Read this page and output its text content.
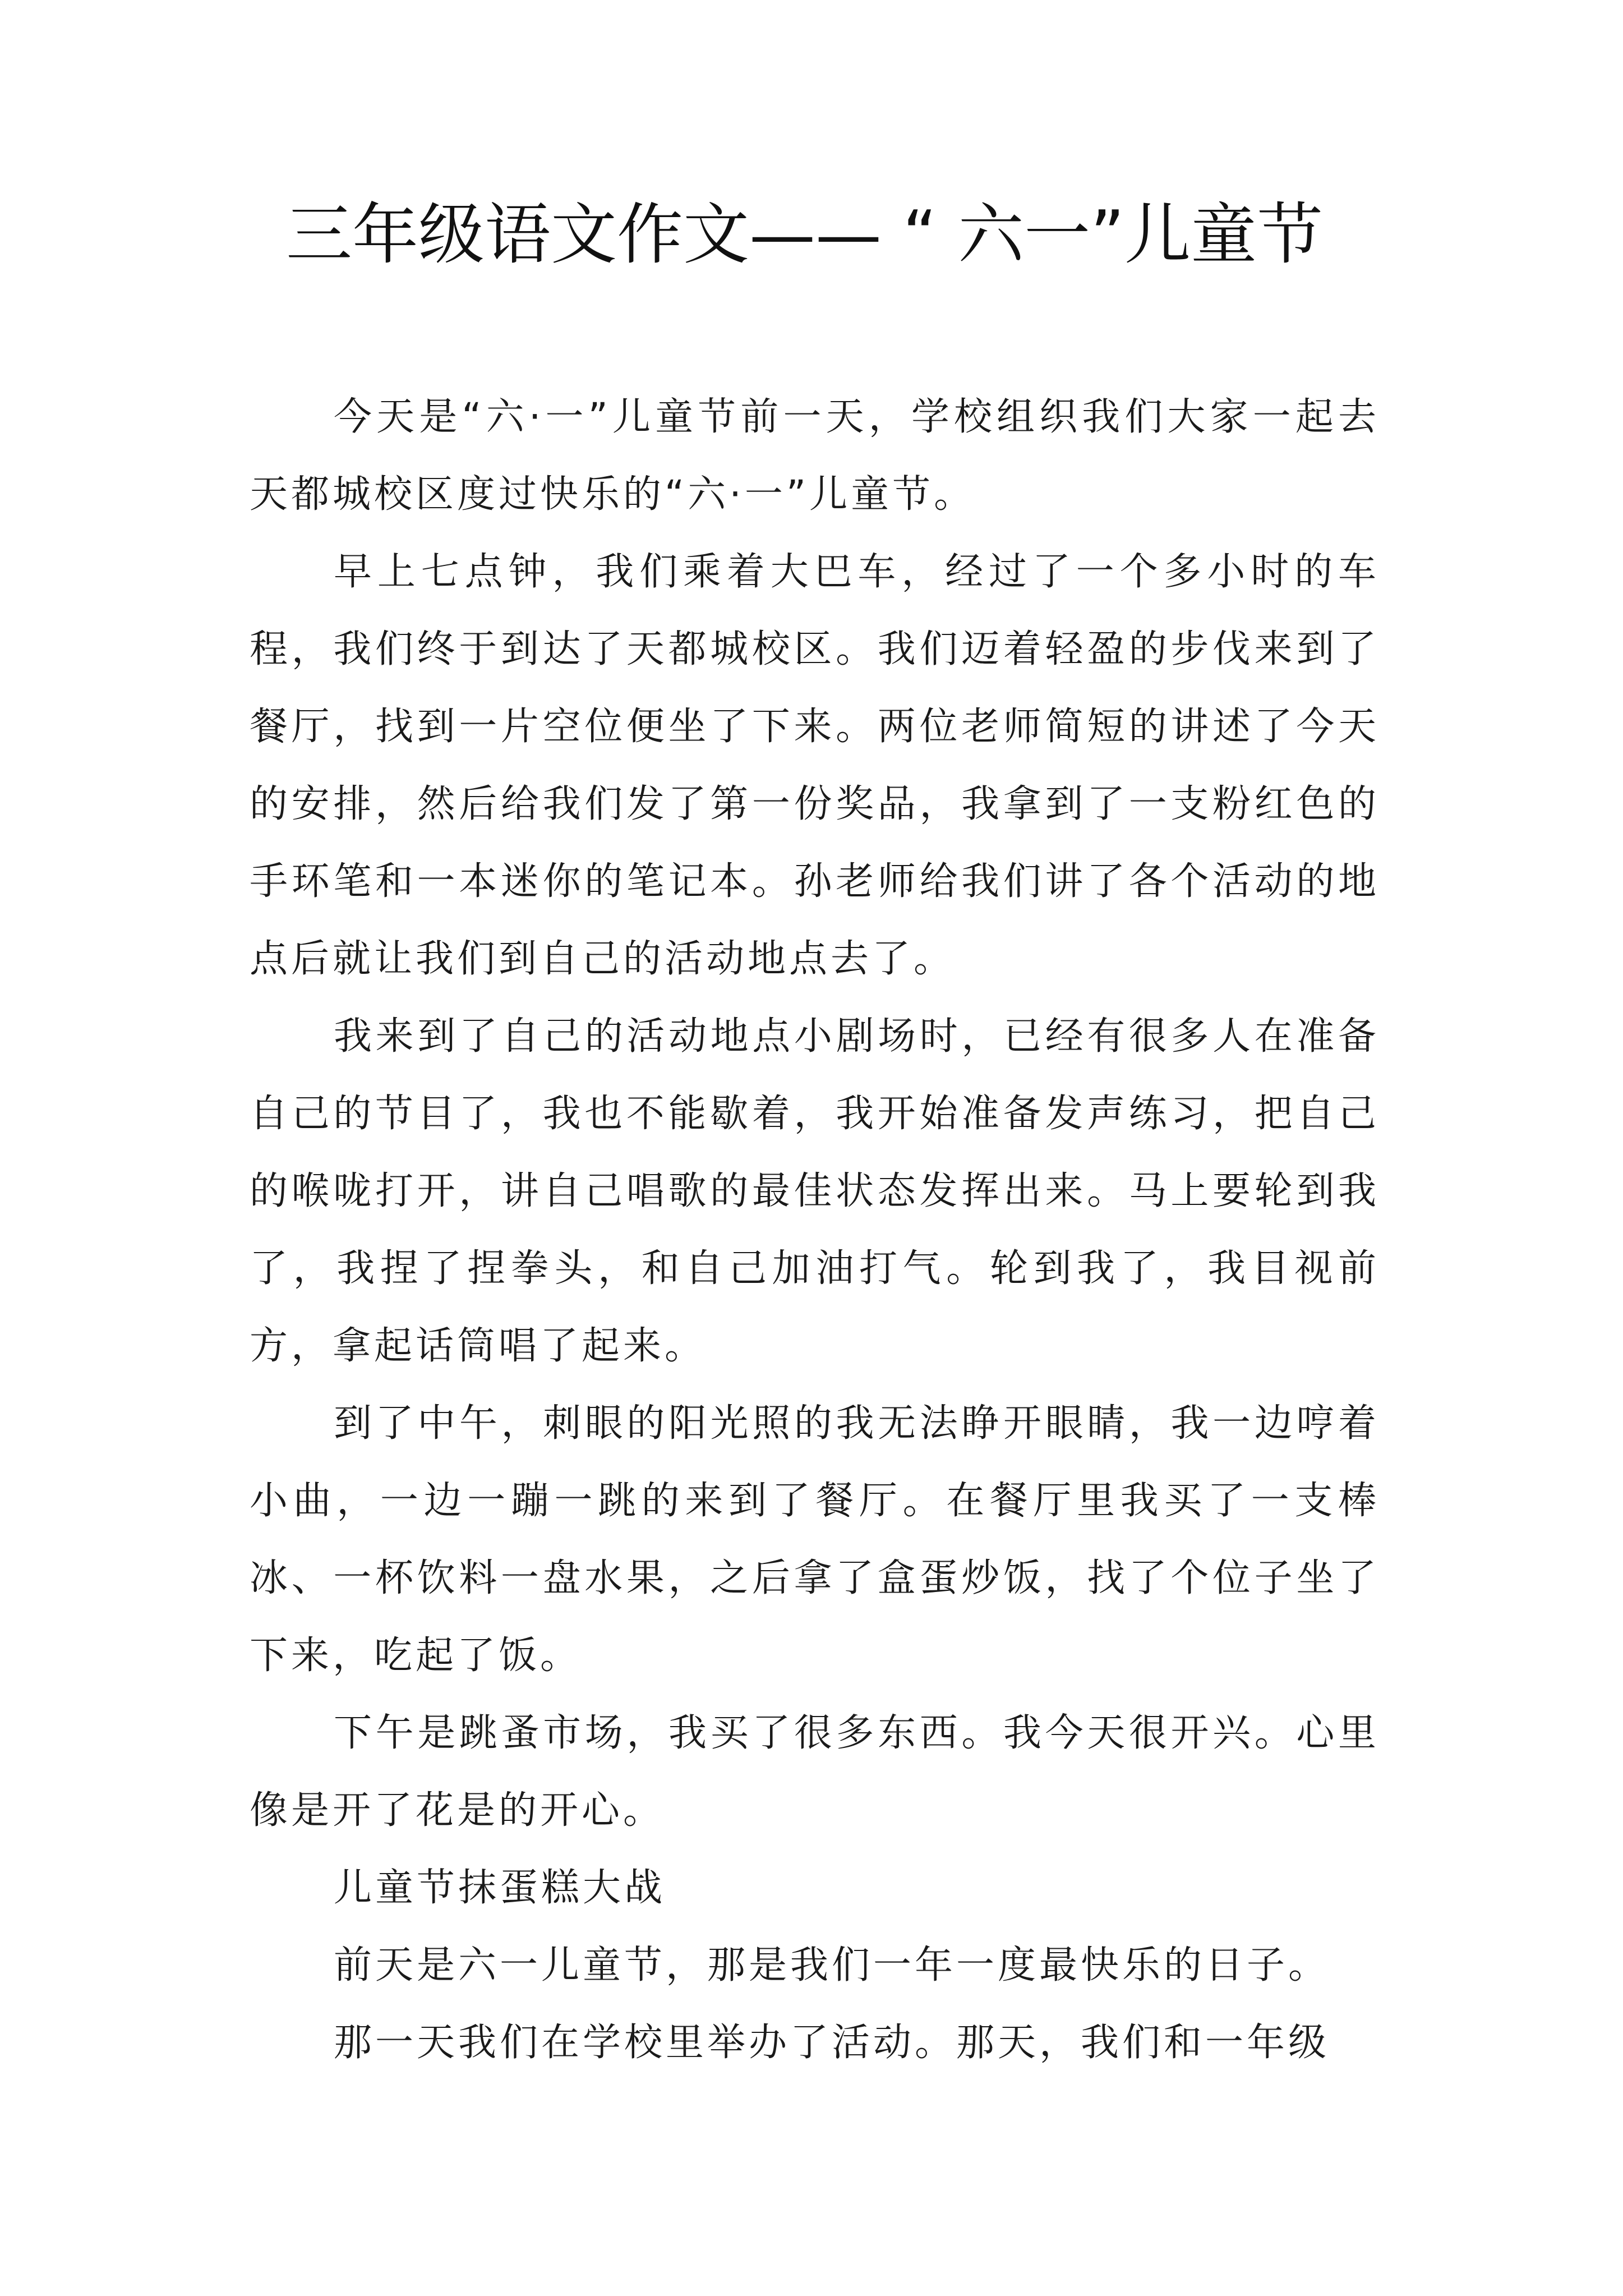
三年级语文作文—— “ 六一”儿童节

今天是“六·一”儿童节前一天，学校组织我们大家一起去天都城校区度过快乐的“六·一”儿童节。

早上七点钟，我们乘着大巴车，经过了一个多小时的车程，我们终于到达了天都城校区。我们迈着轻盈的步伐来到了餐厅，找到一片空位便坐了下来。两位老师简短的讲述了今天的安排，然后给我们发了第一份奖品，我拿到了一支粉红色的手环笔和一本迷你的笔记本。孙老师给我们讲了各个活动的地点后就让我们到自己的活动地点去了。

我来到了自己的活动地点小剧场时，已经有很多人在准备自己的节目了，我也不能歇着，我开始准备发声练习，把自己的喉咙打开，讲自己唱歌的最佳状态发挥出来。马上要轮到我了，我捏了捏拳头，和自己加油打气。轮到我了，我目视前方，拿起话筒唱了起来。

到了中午，刺眼的阳光照的我无法睁开眼睛，我一边哼着小曲，一边一蹦一跳的来到了餐厅。在餐厅里我买了一支棒冰、一杯饮料一盘水果，之后拿了盒蛋炒饭，找了个位子坐了下来，吃起了饭。

下午是跳蚤市场，我买了很多东西。我今天很开兴。心里像是开了花是的开心。

儿童节抹蛋糕大战

前天是六一儿童节，那是我们一年一度最快乐的日子。

那一天我们在学校里举办了活动。那天，我们和一年级
